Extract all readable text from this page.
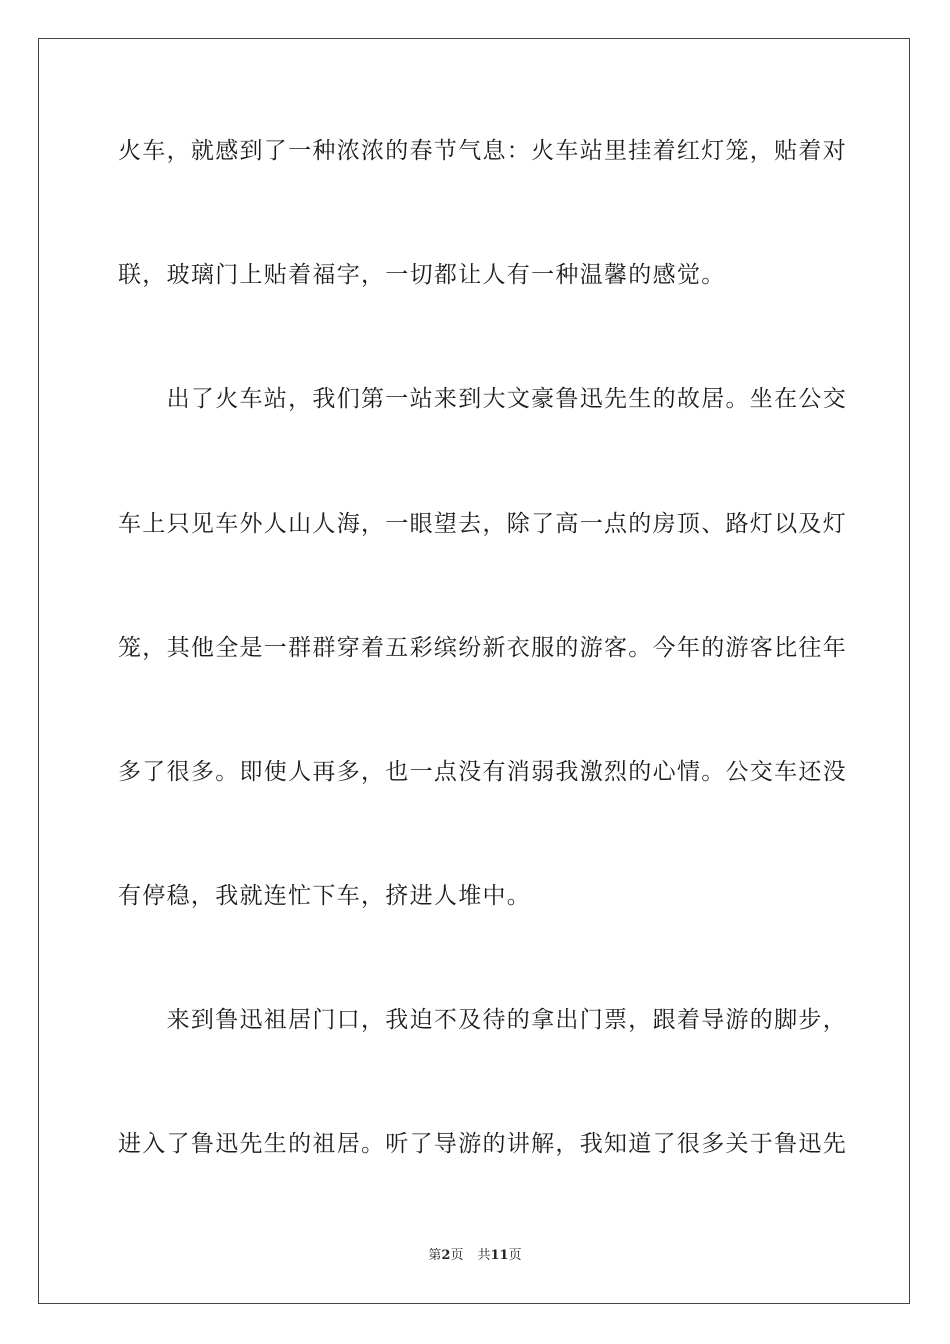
火车，就感到了一种浓浓的春节气息：火车站里挂着红灯笼，贴着对
联，玻璃门上贴着福字，一切都让人有一种温馨的感觉。
　　出了火车站，我们第一站来到大文豪鲁迅先生的故居。坐在公交
车上只见车外人山人海，一眼望去，除了高一点的房顶、路灯以及灯
笼，其他全是一群群穿着五彩缤纷新衣服的游客。今年的游客比往年
多了很多。即使人再多，也一点没有消弱我激烈的心情。公交车还没
有停稳，我就连忙下车，挤进人堆中。
　　来到鲁迅祖居门口，我迫不及待的拿出门票，跟着导游的脚步，
进入了鲁迅先生的祖居。听了导游的讲解，我知道了很多关于鲁迅先
第2页 共11页
